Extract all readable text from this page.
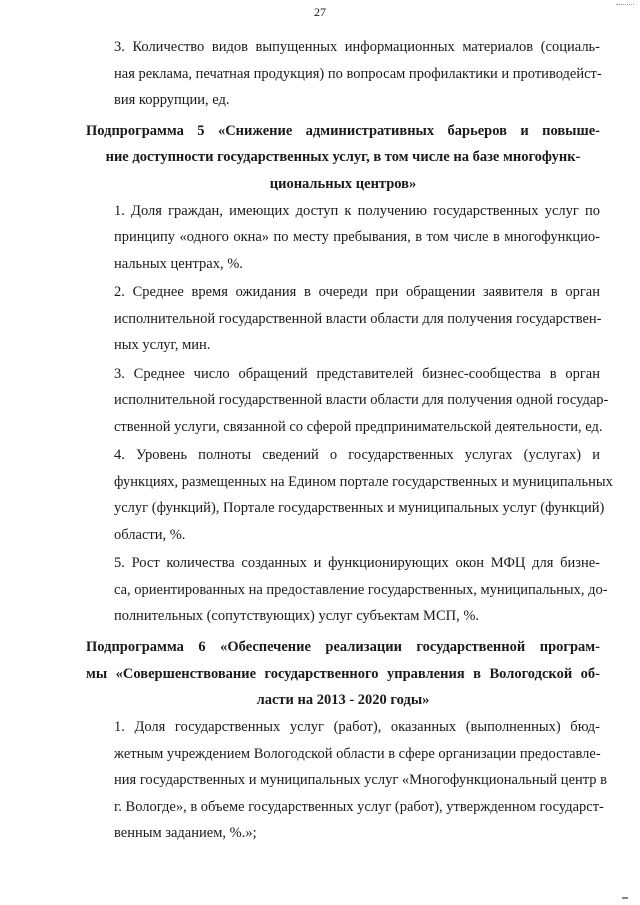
27
3. Количество видов выпущенных информационных материалов (социаль-
ная реклама, печатная продукция) по вопросам профилактики и противодейст-
вия коррупции, ед.
Подпрограмма 5 «Снижение административных барьеров и повыше-
ние доступности государственных услуг, в том числе на базе многофунк-
циональных центров»
1. Доля граждан, имеющих доступ к получению государственных услуг по
принципу «одного окна» по месту пребывания, в том числе в многофункцио-
нальных центрах, %.
2. Среднее время ожидания в очереди при обращении заявителя в орган
исполнительной государственной власти области для получения государствен-
ных услуг, мин.
3. Среднее число обращений представителей бизнес-сообщества в орган
исполнительной государственной власти области для получения одной государ-
ственной услуги, связанной со сферой предпринимательской деятельности, ед.
4. Уровень полноты сведений о государственных услугах (услугах) и
функциях, размещенных на Едином портале государственных и муниципальных
услуг (функций), Портале государственных и муниципальных услуг (функций)
области, %.
5. Рост количества созданных и функционирующих окон МФЦ для бизне-
са, ориентированных на предоставление государственных, муниципальных, до-
полнительных (сопутствующих) услуг субъектам МСП, %.
Подпрограмма 6 «Обеспечение реализации государственной програм-
мы «Совершенствование государственного управления в Вологодской об-
ласти на 2013 - 2020 годы»
1. Доля государственных услуг (работ), оказанных (выполненных) бюд-
жетным учреждением Вологодской области в сфере организации предоставле-
ния государственных и муниципальных услуг «Многофункциональный центр в
г. Вологде», в объеме государственных услуг (работ), утвержденном государст-
венным заданием, %.»;
